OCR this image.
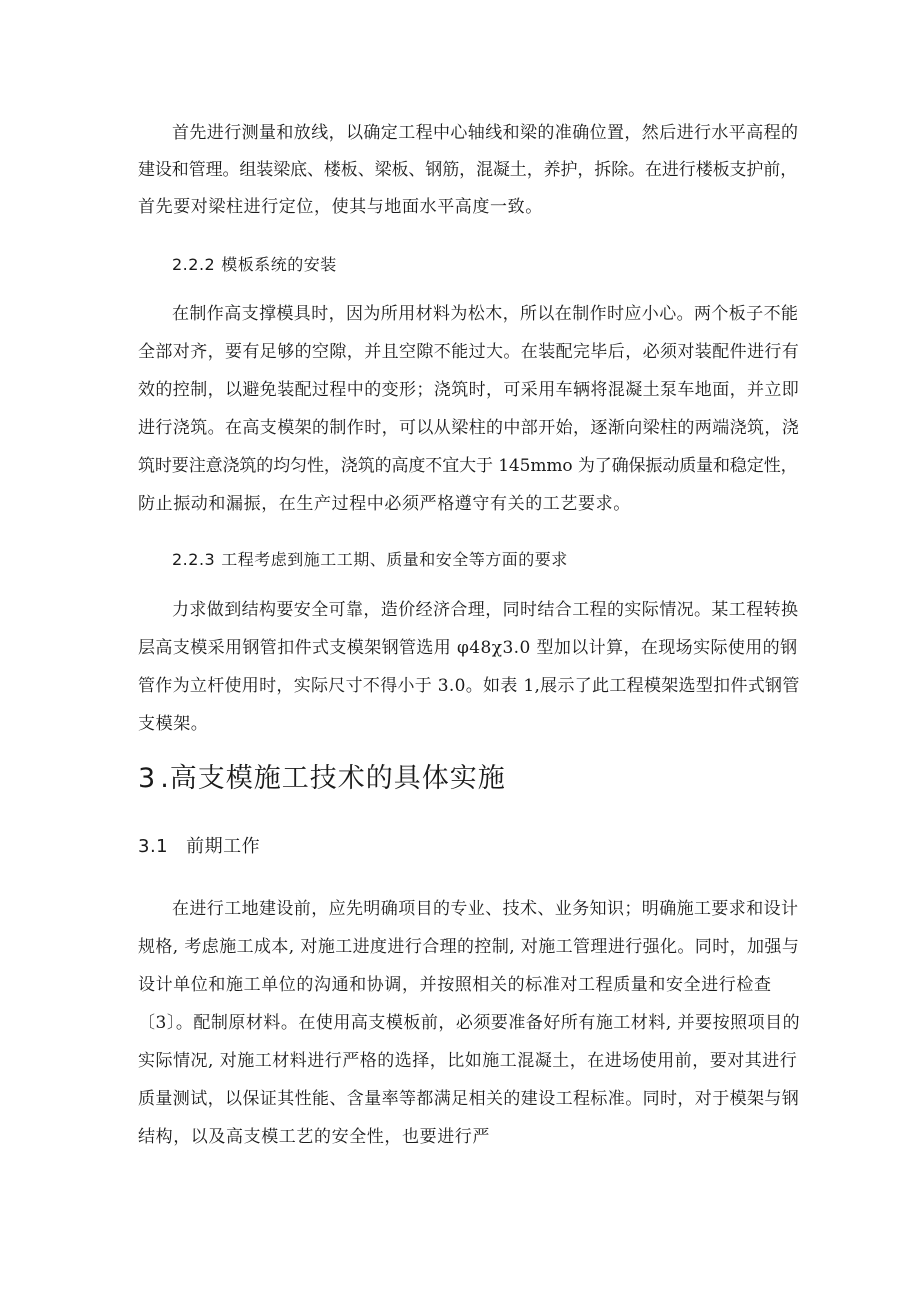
首先进行测量和放线，以确定工程中心轴线和梁的准确位置，然后进行水平高程的
建设和管理。组装梁底、楼板、梁板、钢筋，混凝土，养护，拆除。在进行楼板支护前，
首先要对梁柱进行定位，使其与地面水平高度一致。
2.2.2 模板系统的安装
在制作高支撑模具时，因为所用材料为松木，所以在制作时应小心。两个板子不能
全部对齐，要有足够的空隙，并且空隙不能过大。在装配完毕后，必须对装配件进行有
效的控制，以避免装配过程中的变形；浇筑时，可采用车辆将混凝土泵车地面，并立即
进行浇筑。在高支模架的制作时，可以从梁柱的中部开始，逐渐向梁柱的两端浇筑，浇
筑时要注意浇筑的均匀性，浇筑的高度不宜大于 145mmo 为了确保振动质量和稳定性，
防止振动和漏振，在生产过程中必须严格遵守有关的工艺要求。
2.2.3 工程考虑到施工工期、质量和安全等方面的要求
力求做到结构要安全可靠，造价经济合理，同时结合工程的实际情况。某工程转换
层高支模采用钢管扣件式支模架钢管选用 φ48χ3.0 型加以计算，在现场实际使用的钢
管作为立杆使用时，实际尺寸不得小于 3.0。如表 1,展示了此工程模架选型扣件式钢管
支模架。
3 .高支模施工技术的具体实施
3.1 前期工作
在进行工地建设前，应先明确项目的专业、技术、业务知识；明确施工要求和设计
规格, 考虑施工成本, 对施工进度进行合理的控制, 对施工管理进行强化。同时，加强与
设计单位和施工单位的沟通和协调，并按照相关的标准对工程质量和安全进行检查
〔3〕。配制原材料。在使用高支模板前，必须要准备好所有施工材料, 并要按照项目的
实际情况, 对施工材料进行严格的选择，比如施工混凝土，在进场使用前，要对其进行
质量测试，以保证其性能、含量率等都满足相关的建设工程标准。同时，对于模架与钢
结构，以及高支模工艺的安全性，也要进行严
